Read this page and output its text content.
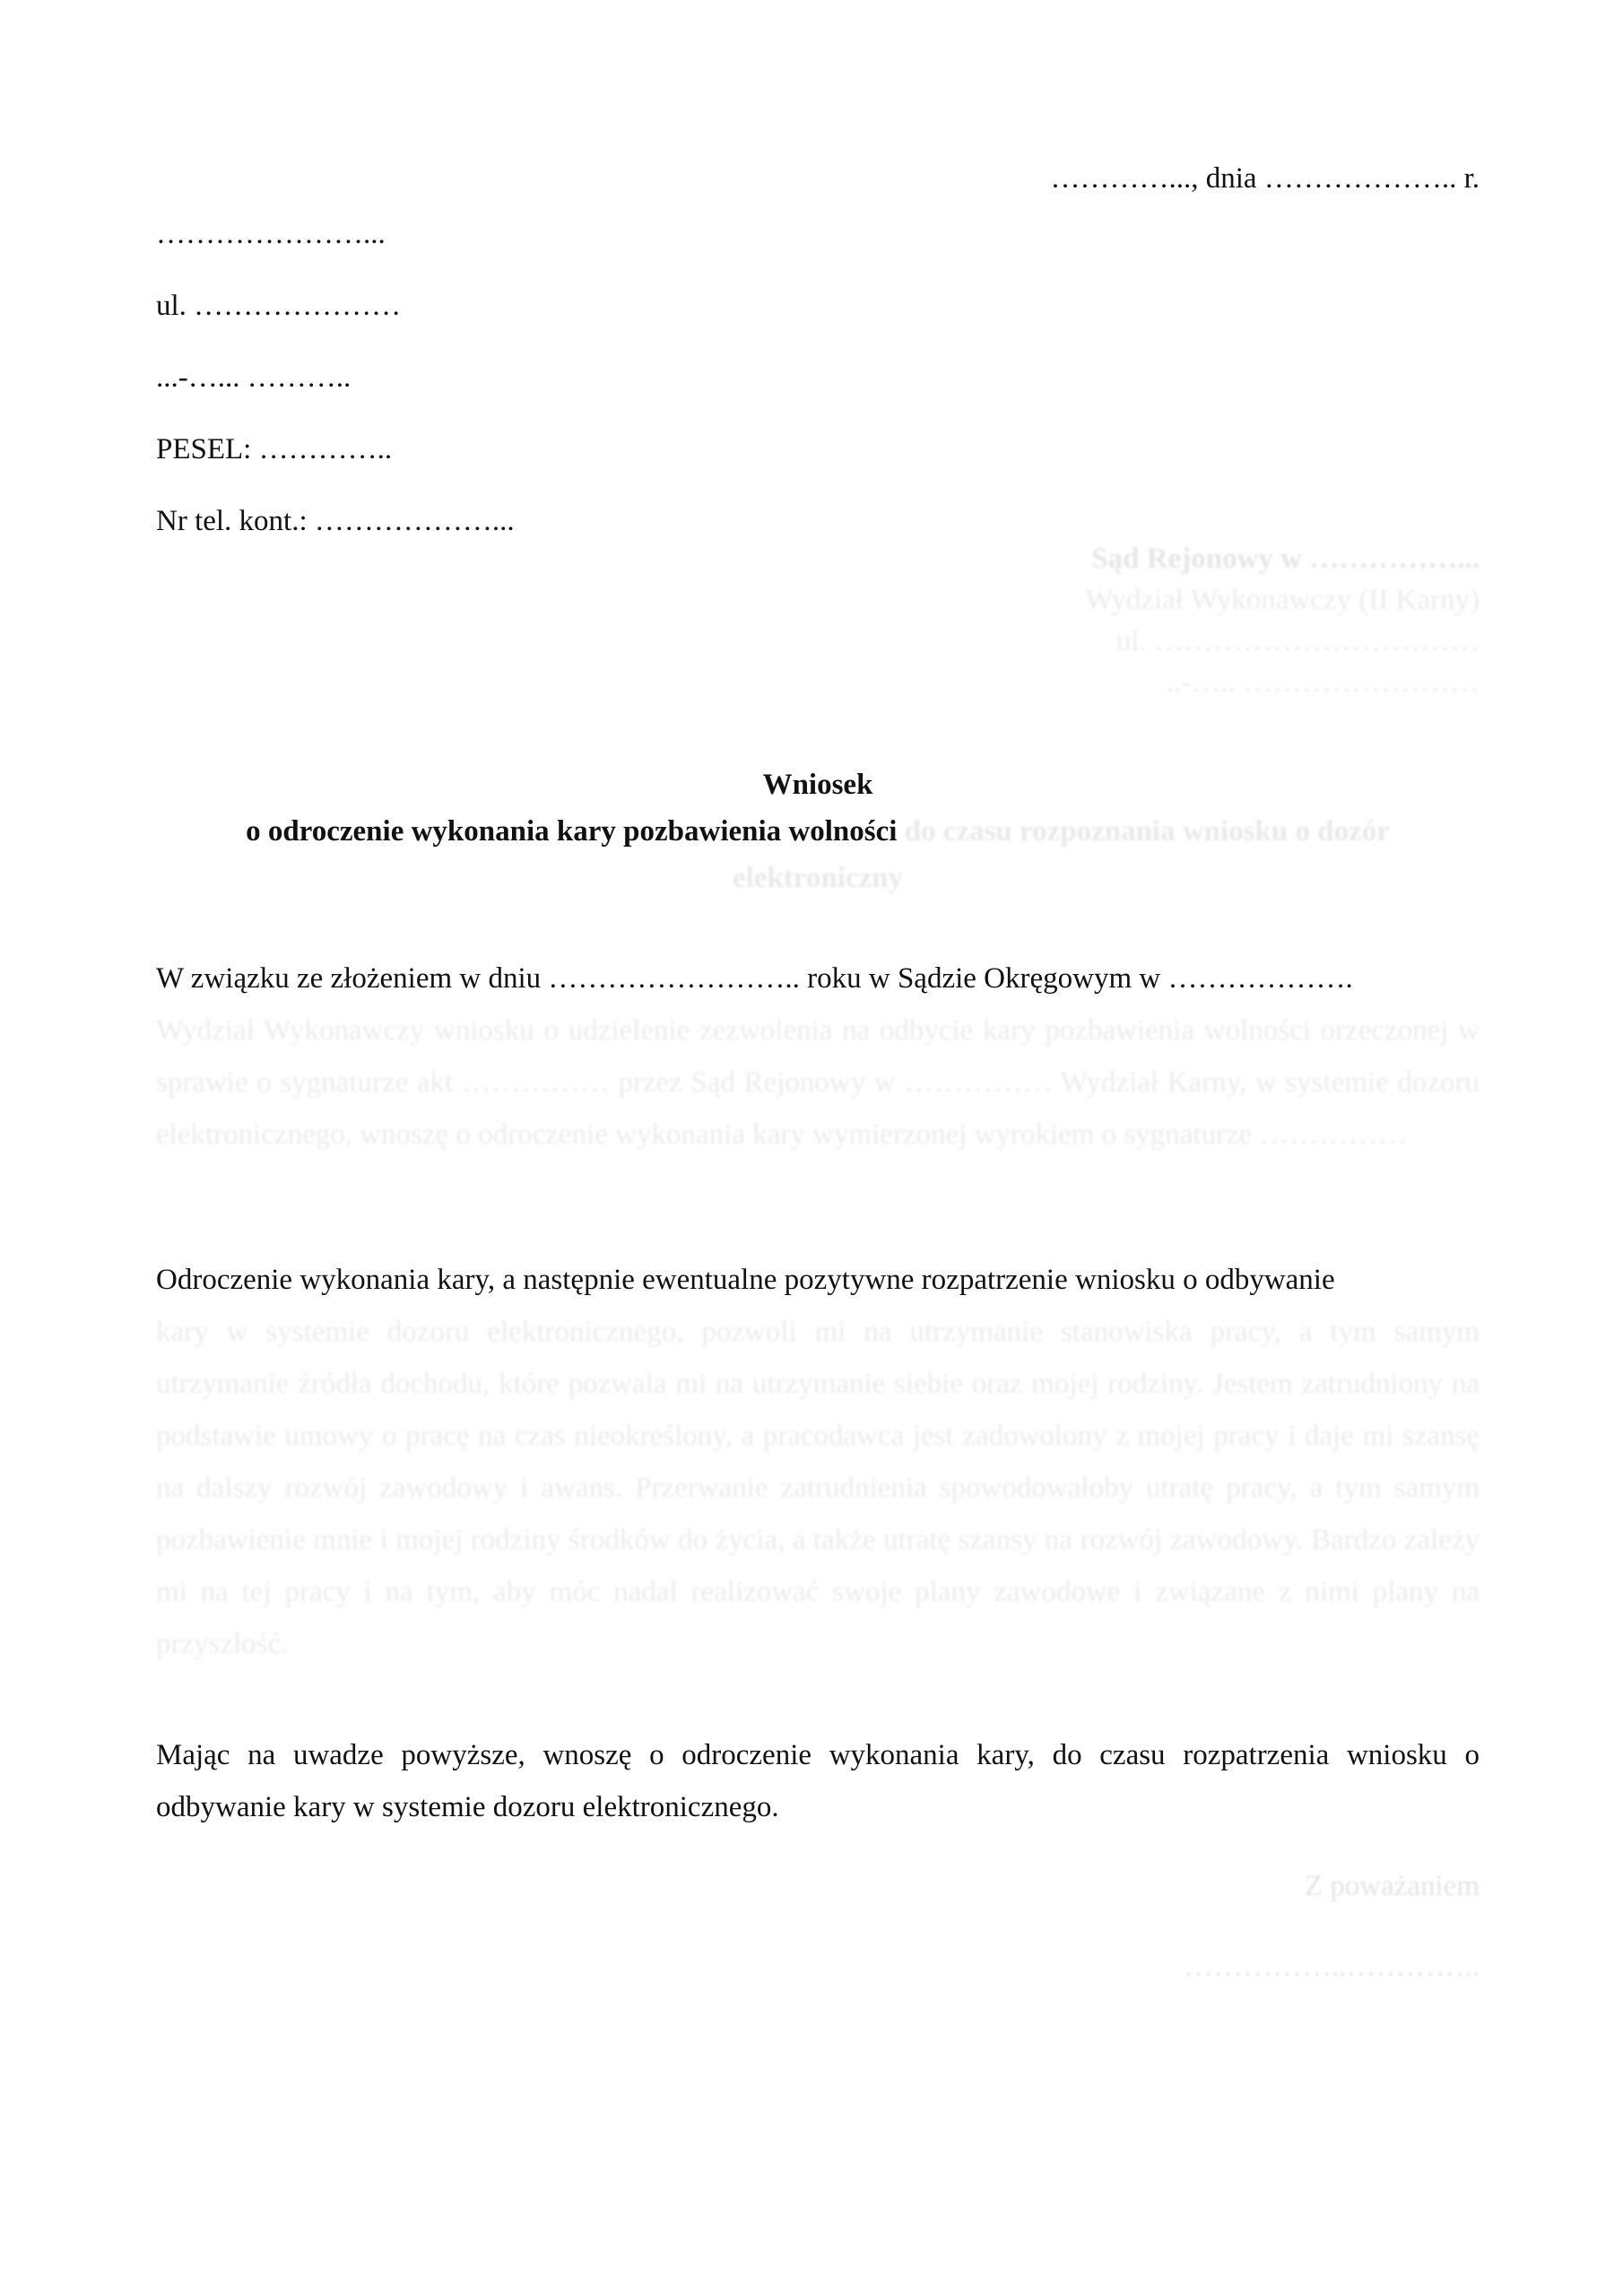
…………..., dnia ……………….. r.
…………………...
ul. …………………
...-…... ………..
PESEL: …………..
Nr tel. kont.: ………………...
Sąd Rejonowy w ……………...
Wydział Wykonawczy (II Karny)
ul. ……………………………
..-….. ……………………
Wniosek
o odroczenie wykonania kary pozbawienia wolności do czasu rozpoznania wniosku o dozór
elektroniczny
W związku ze złożeniem w dniu …………………….. roku w Sądzie Okręgowym w ……………….
Wydział Wykonawczy wniosku o udzielenie zezwolenia na odbycie kary pozbawienia wolności orzeczonej w sprawie o sygnaturze akt …………… przez Sąd Rejonowy w …………… Wydział Karny, w systemie dozoru elektronicznego, wnoszę o odroczenie wykonania kary wymierzonej wyrokiem o sygnaturze ……………
Odroczenie wykonania kary, a następnie ewentualne pozytywne rozpatrzenie wniosku o odbywanie
kary w systemie dozoru elektronicznego, pozwoli mi na utrzymanie stanowiska pracy, a tym samym utrzymanie źródła dochodu, które pozwala mi na utrzymanie siebie oraz mojej rodziny. Jestem zatrudniony na podstawie umowy o pracę na czas nieokreślony, a pracodawca jest zadowolony z mojej pracy i daje mi szansę na dalszy rozwój zawodowy i awans. Przerwanie zatrudnienia spowodowałoby utratę pracy, a tym samym pozbawienie mnie i mojej rodziny środków do życia, a także utratę szansy na rozwój zawodowy. Bardzo zależy mi na tej pracy i na tym, aby móc nadal realizować swoje plany zawodowe i związane z nimi plany na przyszłość.
Mając na uwadze powyższe, wnoszę o odroczenie wykonania kary, do czasu rozpatrzenia wniosku o odbywanie kary w systemie dozoru elektronicznego.
Z poważaniem
……………..…………..
